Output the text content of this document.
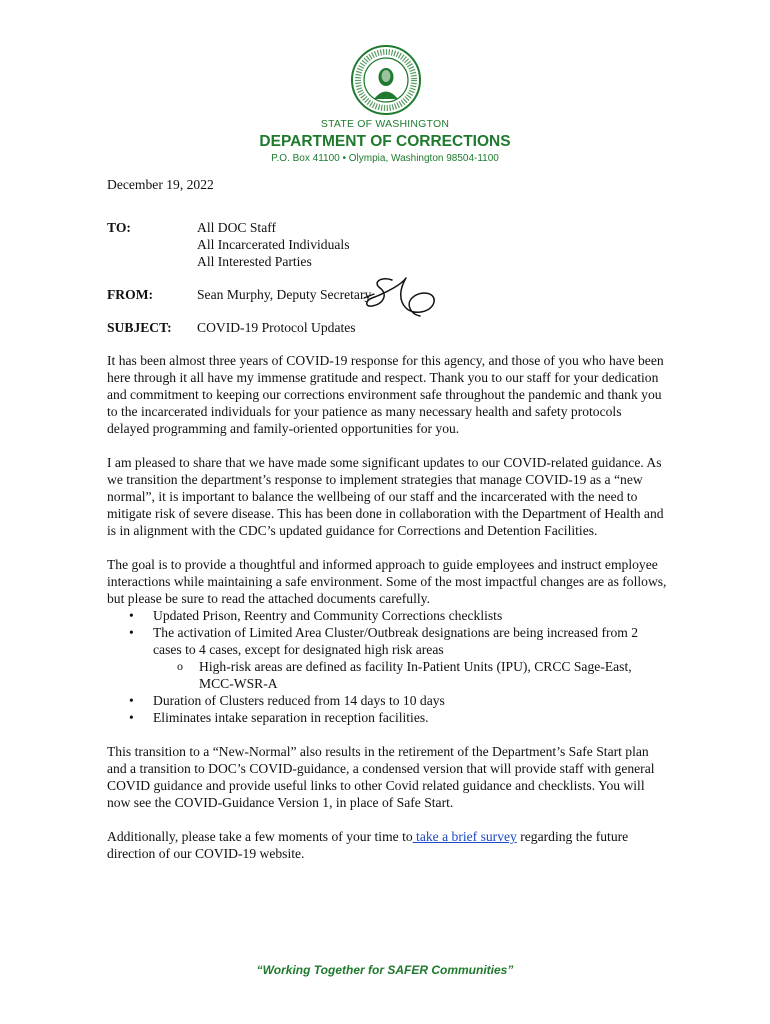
STATE OF WASHINGTON
DEPARTMENT OF CORRECTIONS
P.O. Box 41100 • Olympia, Washington 98504-1100
December 19, 2022
TO:	All DOC Staff
All Incarcerated Individuals
All Interested Parties
FROM:	Sean Murphy, Deputy Secretary
SUBJECT:	COVID-19 Protocol Updates

It has been almost three years of COVID-19 response for this agency, and those of you who have been here through it all have my immense gratitude and respect. Thank you to our staff for your dedication and commitment to keeping our corrections environment safe throughout the pandemic and thank you to the incarcerated individuals for your patience as many necessary health and safety protocols delayed programming and family-oriented opportunities for you.

I am pleased to share that we have made some significant updates to our COVID-related guidance. As we transition the department’s response to implement strategies that manage COVID-19 as a “new normal”, it is important to balance the wellbeing of our staff and the incarcerated with the need to mitigate risk of severe disease. This has been done in collaboration with the Department of Health and is in alignment with the CDC’s updated guidance for Corrections and Detention Facilities.

The goal is to provide a thoughtful and informed approach to guide employees and instruct employee interactions while maintaining a safe environment. Some of the most impactful changes are as follows, but please be sure to read the attached documents carefully.

• Updated Prison, Reentry and Community Corrections checklists
• The activation of Limited Area Cluster/Outbreak designations are being increased from 2 cases to 4 cases, except for designated high risk areas
o High-risk areas are defined as facility In-Patient Units (IPU), CRCC Sage-East, MCC-WSR-A
• Duration of Clusters reduced from 14 days to 10 days
• Eliminates intake separation in reception facilities.

This transition to a “New-Normal” also results in the retirement of the Department’s Safe Start plan and a transition to DOC’s COVID-guidance, a condensed version that will provide staff with general COVID guidance and provide useful links to other Covid related guidance and checklists. You will now see the COVID-Guidance Version 1, in place of Safe Start.

Additionally, please take a few moments of your time to take a brief survey regarding the future direction of our COVID-19 website.

“Working Together for SAFER Communities”
